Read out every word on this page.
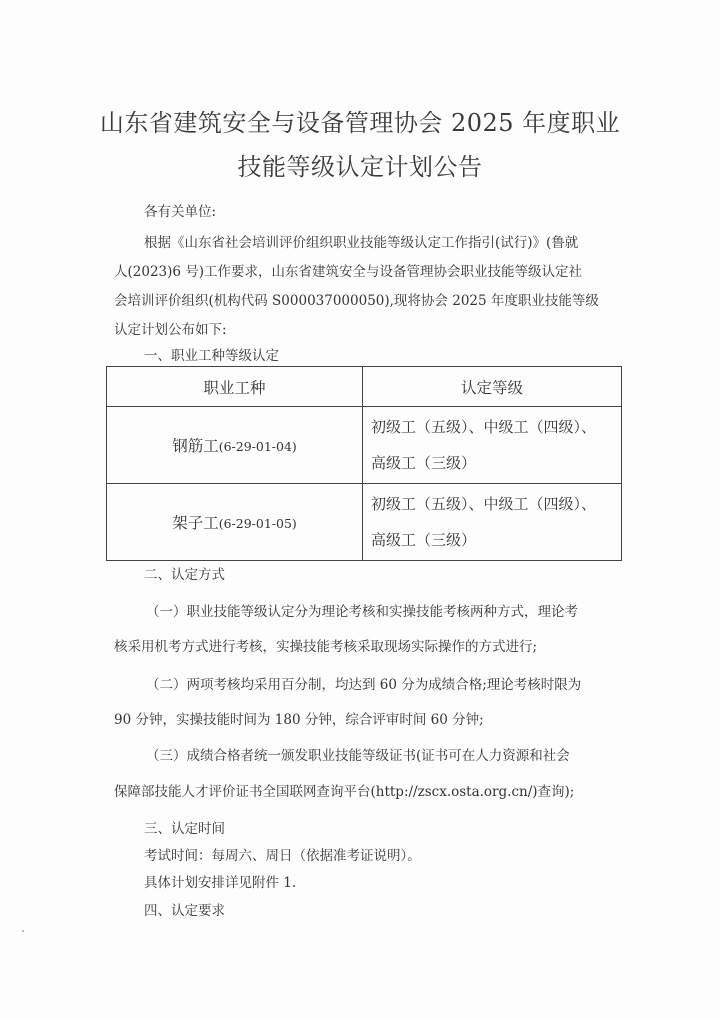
山东省建筑安全与设备管理协会 2025 年度职业
技能等级认定计划公告
各有关单位:
根据《山东省社会培训评价组织职业技能等级认定工作指引(试行)》(鲁就
人(2023)6 号)工作要求，山东省建筑安全与设备管理协会职业技能等级认定社
会培训评价组织(机构代码 S000037000050),现将协会 2025 年度职业技能等级
认定计划公布如下:
一、职业工种等级认定
职业工种	认定等级
钢筋工(6-29-01-04)	初级工（五级）、中级工（四级）、
高级工（三级）

架子工(6-29-01-05)	初级工（五级）、中级工（四级）、
高级工（三级）
二、认定方式
（一）职业技能等级认定分为理论考核和实操技能考核两种方式，理论考
核采用机考方式进行考核，实操技能考核采取现场实际操作的方式进行;
（二）两项考核均采用百分制，均达到 60 分为成绩合格;理论考核时限为
90 分钟，实操技能时间为 180 分钟，综合评审时间 60 分钟;
（三）成绩合格者统一颁发职业技能等级证书(证书可在人力资源和社会
保障部技能人才评价证书全国联网查询平台(http://zscx.osta.org.cn/)查询);
三、认定时间
考试时间：每周六、周日（依据准考证说明）。
具体计划安排详见附件 1.
四、认定要求
